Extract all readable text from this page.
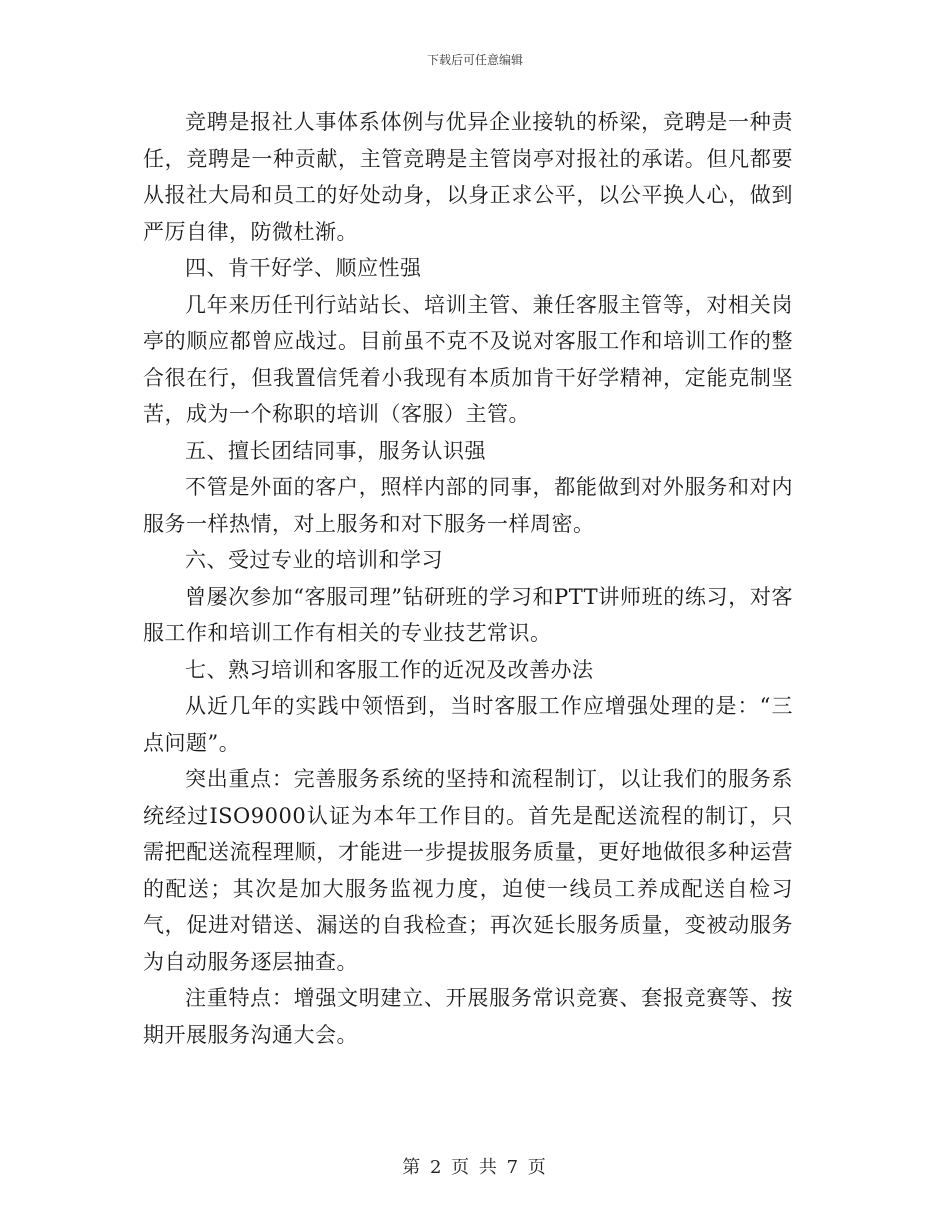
下载后可任意编辑

竞聘是报社人事体系体例与优异企业接轨的桥梁，竞聘是一种责任，竞聘是一种贡献，主管竞聘是主管岗亭对报社的承诺。但凡都要从报社大局和员工的好处动身，以身正求公平，以公平换人心，做到严厉自律，防微杜渐。

四、肯干好学、顺应性强

几年来历任刊行站站长、培训主管、兼任客服主管等，对相关岗亭的顺应都曾应战过。目前虽不克不及说对客服工作和培训工作的整合很在行，但我置信凭着小我现有本质加肯干好学精神，定能克制坚苦，成为一个称职的培训（客服）主管。

五、擅长团结同事，服务认识强

不管是外面的客户，照样内部的同事，都能做到对外服务和对内服务一样热情，对上服务和对下服务一样周密。

六、受过专业的培训和学习

曾屡次参加“客服司理”钻研班的学习和PTT讲师班的练习，对客服工作和培训工作有相关的专业技艺常识。

七、熟习培训和客服工作的近况及改善办法

从近几年的实践中领悟到，当时客服工作应增强处理的是：“三点问题”。

突出重点：完善服务系统的坚持和流程制订，以让我们的服务系统经过ISO9000认证为本年工作目的。首先是配送流程的制订，只需把配送流程理顺，才能进一步提拔服务质量，更好地做很多种运营的配送；其次是加大服务监视力度，迫使一线员工养成配送自检习气，促进对错送、漏送的自我检查；再次延长服务质量，变被动服务为自动服务逐层抽查。

注重特点：增强文明建立、开展服务常识竞赛、套报竞赛等、按期开展服务沟通大会。

第 2 页 共 7 页
